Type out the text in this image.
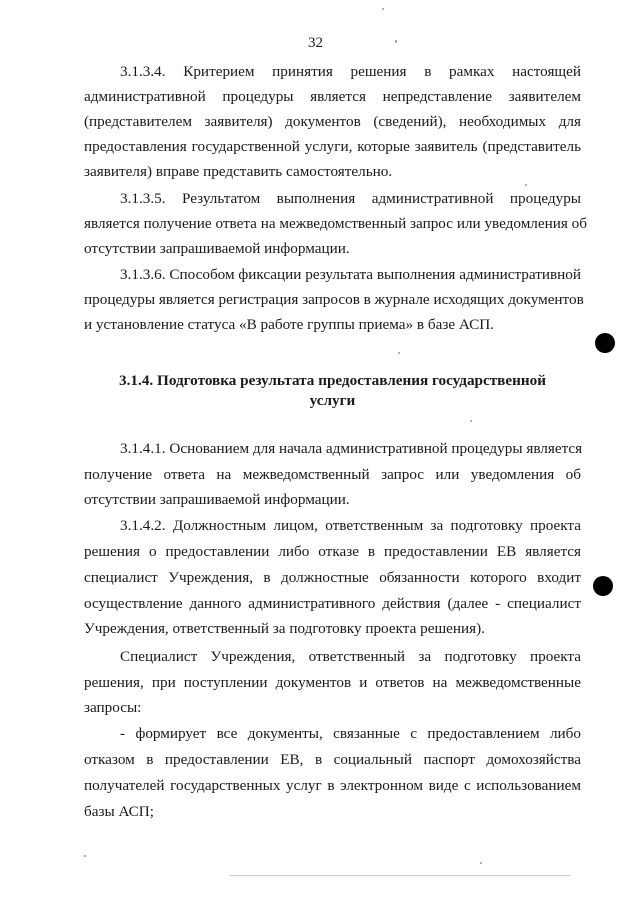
32
3.1.3.4. Критерием принятия решения в рамках настоящей
административной процедуры является непредставление заявителем
(представителем заявителя) документов (сведений), необходимых для
предоставления государственной услуги, которые заявитель (представитель
заявителя) вправе представить самостоятельно.
3.1.3.5. Результатом выполнения административной процедуры
является получение ответа на межведомственный запрос или уведомления об
отсутствии запрашиваемой информации.
3.1.3.6. Способом фиксации результата выполнения административной
процедуры является регистрация запросов в журнале исходящих документов
и установление статуса «В работе группы приема» в базе АСП.
3.1.4. Подготовка результата предоставления государственной
услуги
3.1.4.1. Основанием для начала административной процедуры является
получение ответа на межведомственный запрос или уведомления об
отсутствии запрашиваемой информации.
3.1.4.2. Должностным лицом, ответственным за подготовку проекта
решения о предоставлении либо отказе в предоставлении ЕВ является
специалист Учреждения, в должностные обязанности которого входит
осуществление данного административного действия (далее - специалист
Учреждения, ответственный за подготовку проекта решения).
Специалист Учреждения, ответственный за подготовку проекта
решения, при поступлении документов и ответов на межведомственные
запросы:
- формирует все документы, связанные с предоставлением либо
отказом в предоставлении ЕВ, в социальный паспорт домохозяйства
получателей государственных услуг в электронном виде с использованием
базы АСП;
